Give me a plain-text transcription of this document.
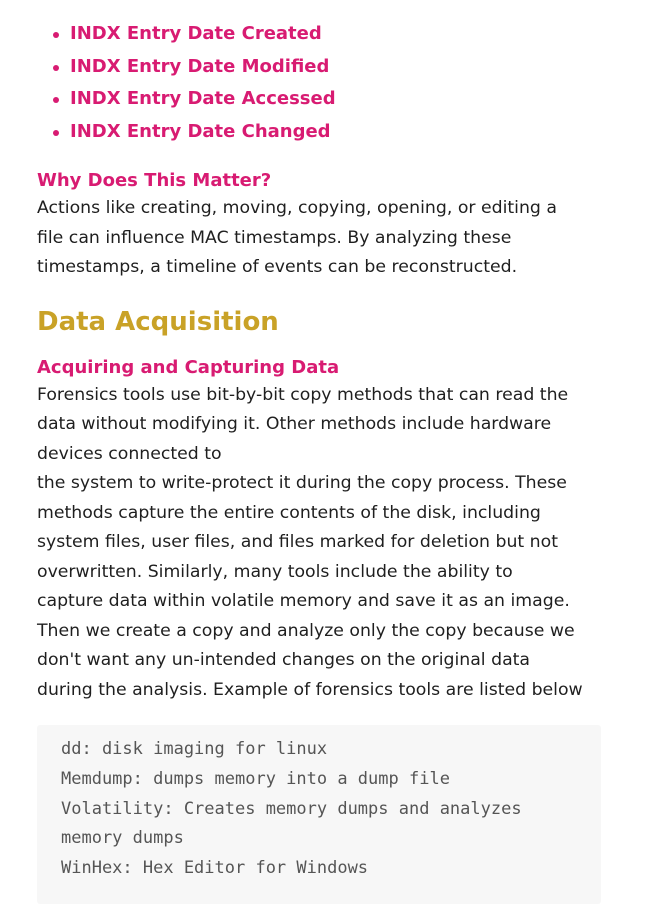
INDX Entry Date Created
INDX Entry Date Modified
INDX Entry Date Accessed
INDX Entry Date Changed
Why Does This Matter?

Actions like creating, moving, copying, opening, or editing a

file can influence MAC timestamps. By analyzing these

timestamps, a timeline of events can be reconstructed.

Data Acquisition
Acquiring and Capturing Data

Forensics tools use bit-by-bit copy methods that can read the

data without modifying it. Other methods include hardware

devices connected to

the system to write-protect it during the copy process. These

methods capture the entire contents of the disk, including

system files, user files, and files marked for deletion but not

overwritten. Similarly, many tools include the ability to

capture data within volatile memory and save it as an image.

Then we create a copy and analyze only the copy because we

don't want any un-intended changes on the original data

during the analysis. Example of forensics tools are listed below

dd: disk imaging for linux
Memdump: dumps memory into a dump file
Volatility: Creates memory dumps and analyzes
memory dumps
WinHex: Hex Editor for Windows
